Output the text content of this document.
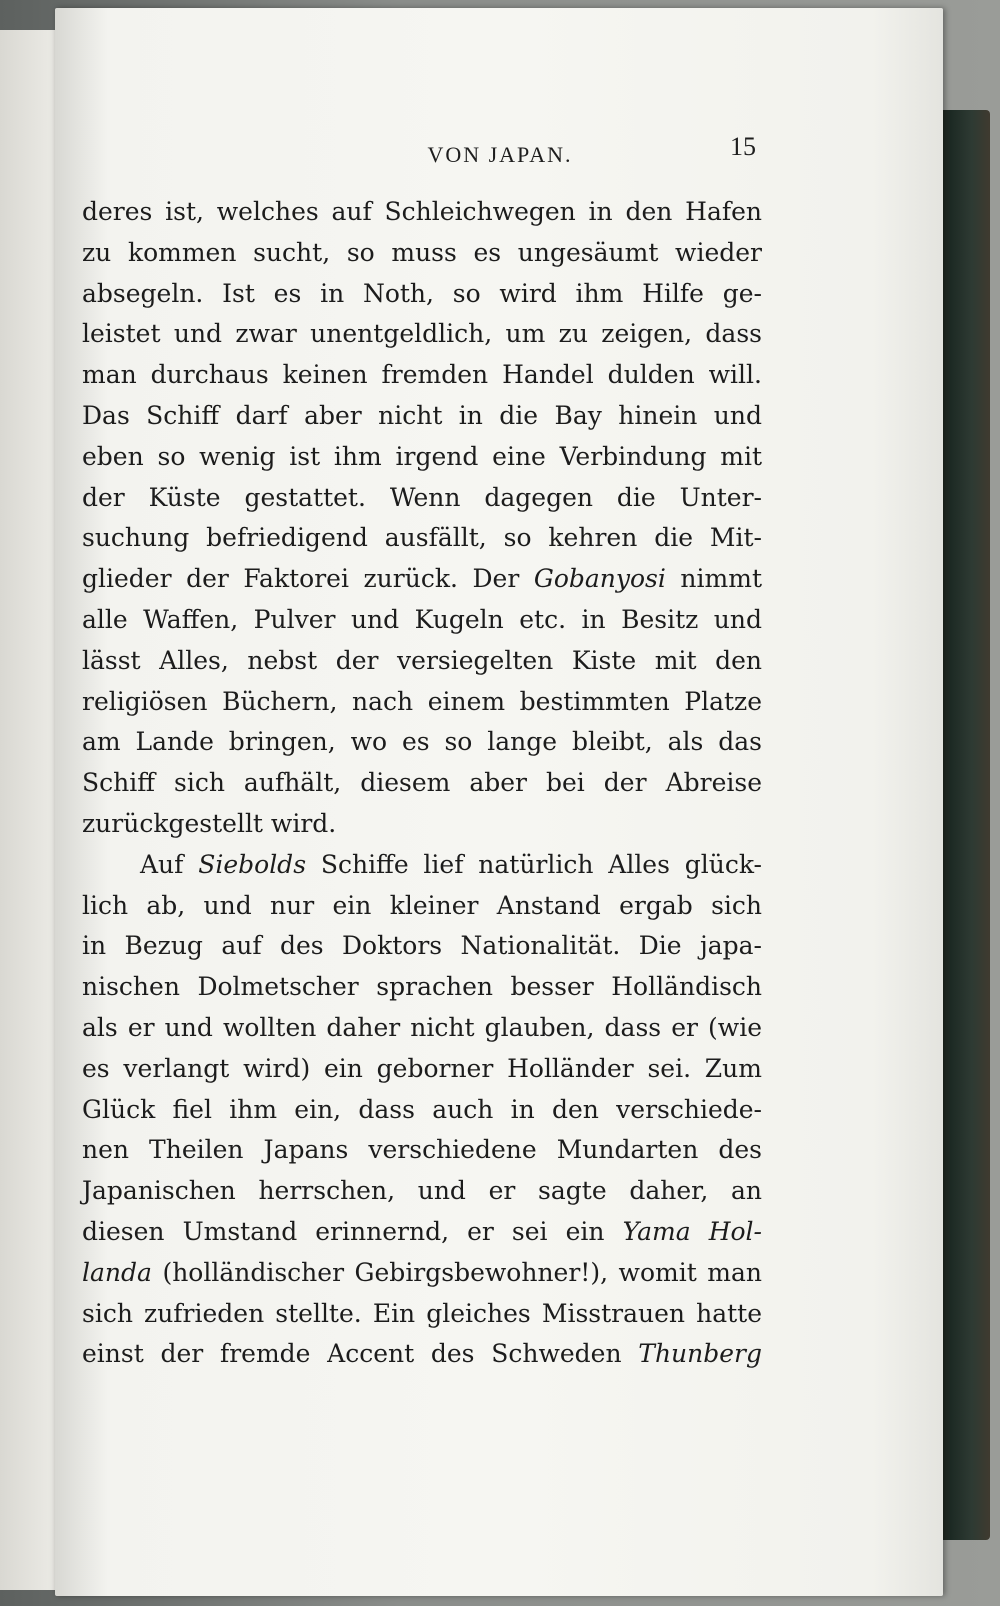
VON JAPAN.	15
deres ist, welches auf Schleichwegen in den Hafen
zu kommen sucht, so muss es ungesäumt wieder
absegeln. Ist es in Noth, so wird ihm Hilfe ge-
leistet und zwar unentgeldlich, um zu zeigen, dass
man durchaus keinen fremden Handel dulden will.
Das Schiff darf aber nicht in die Bay hinein und
eben so wenig ist ihm irgend eine Verbindung mit
der Küste gestattet. Wenn dagegen die Unter-
suchung befriedigend ausfällt, so kehren die Mit-
glieder der Faktorei zurück. Der Gobanyosi nimmt
alle Waffen, Pulver und Kugeln etc. in Besitz und
lässt Alles, nebst der versiegelten Kiste mit den
religiösen Büchern, nach einem bestimmten Platze
am Lande bringen, wo es so lange bleibt, als das
Schiff sich aufhält, diesem aber bei der Abreise
zurückgestellt wird.
Auf Siebolds Schiffe lief natürlich Alles glück-
lich ab, und nur ein kleiner Anstand ergab sich
in Bezug auf des Doktors Nationalität. Die japa-
nischen Dolmetscher sprachen besser Holländisch
als er und wollten daher nicht glauben, dass er (wie
es verlangt wird) ein geborner Holländer sei. Zum
Glück fiel ihm ein, dass auch in den verschiede-
nen Theilen Japans verschiedene Mundarten des
Japanischen herrschen, und er sagte daher, an
diesen Umstand erinnernd, er sei ein Yama Hol-
landa (holländischer Gebirgsbewohner!), womit man
sich zufrieden stellte. Ein gleiches Misstrauen hatte
einst der fremde Accent des Schweden Thunberg
